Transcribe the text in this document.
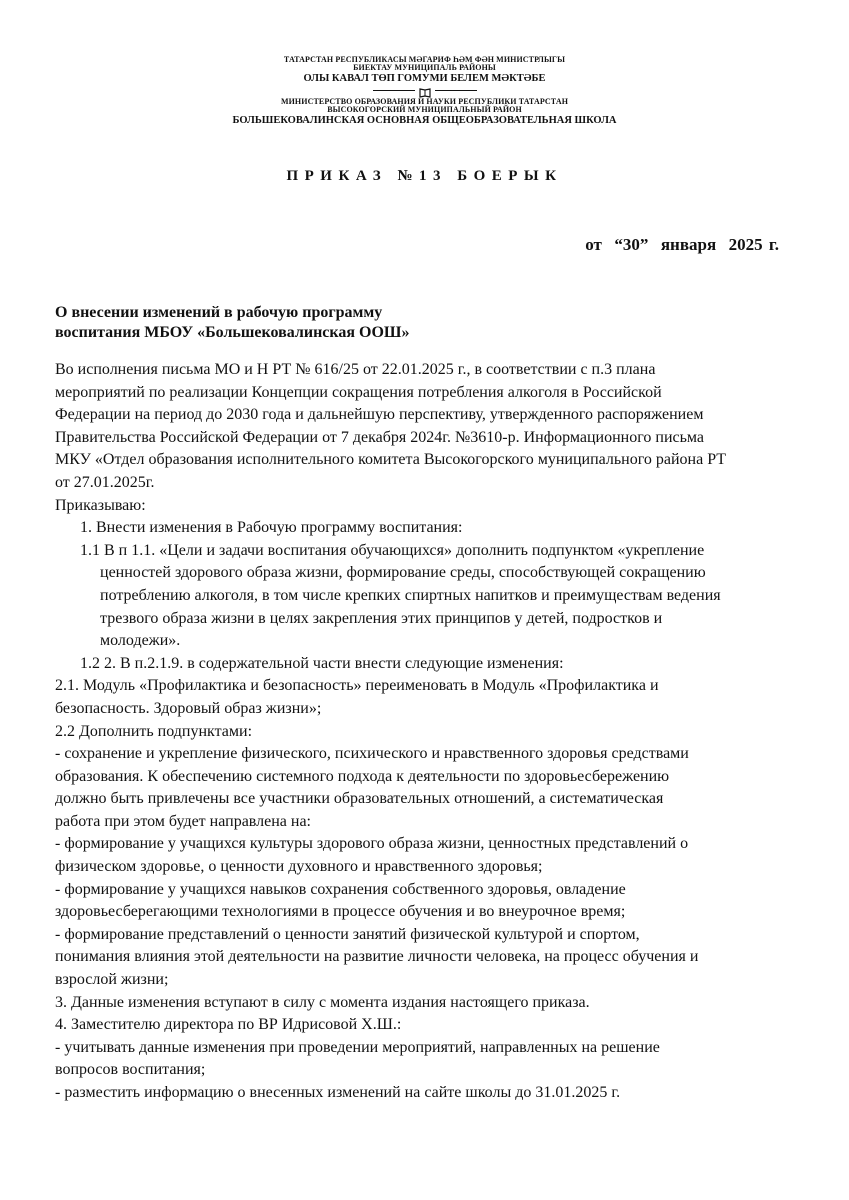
ТАТАРСТАН РЕСПУБЛИКАСЫ МӘГАРИФ ҺӘМ ФӘН МИНИСТРЛЫГЫ
БИЕКТАУ МУНИЦИПАЛЬ РАЙОНЫ
ОЛЫ КАВАЛ ТӨП ГОМУМИ БЕЛЕМ МӘКТӘБЕ
МИНИСТЕРСТВО ОБРАЗОВАНИЯ И НАУКИ РЕСПУБЛИКИ ТАТАРСТАН
ВЫСОКОГОРСКИЙ МУНИЦИПАЛЬНЫЙ РАЙОН
БОЛЬШЕКОВАЛИНСКАЯ ОСНОВНАЯ ОБЩЕОБРАЗОВАТЕЛЬНАЯ ШКОЛА

ПРИКАЗ №13 БОЕРЫК

от  “30”  января  2025 г.

О внесении изменений в рабочую программу
воспитания МБОУ «Большековалинская ООШ»
Во исполнения письма МО и Н РТ № 616/25 от 22.01.2025 г., в соответствии с п.3 плана
мероприятий по реализации Концепции сокращения потребления алкоголя в Российской
Федерации на период до 2030 года и дальнейшую перспективу, утвержденного распоряжением
Правительства Российской Федерации от 7 декабря 2024г. №3610-р. Информационного письма
МКУ «Отдел образования исполнительного комитета Высокогорского муниципального района РТ
от 27.01.2025г.
Приказываю:
1. Внести изменения в Рабочую программу воспитания:
1.1 В п 1.1. «Цели и задачи воспитания обучающихся» дополнить подпунктом «укрепление
ценностей здорового образа жизни, формирование среды, способствующей сокращению
потреблению алкоголя, в том числе крепких спиртных напитков и преимуществам ведения
трезвого образа жизни в целях закрепления этих принципов у детей, подростков и
молодежи».
1.2 2. В п.2.1.9. в содержательной части внести следующие изменения:
2.1. Модуль «Профилактика и безопасность» переименовать в Модуль «Профилактика и
безопасность. Здоровый образ жизни»;
2.2 Дополнить подпунктами:
- сохранение и укрепление физического, психического и нравственного здоровья средствами
образования. К обеспечению системного подхода к деятельности по здоровьесбережению
должно быть привлечены все участники образовательных отношений, а систематическая
работа при этом будет направлена на:
- формирование у учащихся культуры здорового образа жизни, ценностных представлений о
физическом здоровье, о ценности духовного и нравственного здоровья;
- формирование у учащихся навыков сохранения собственного здоровья, овладение
здоровьесберегающими технологиями в процессе обучения и во внеурочное время;
- формирование представлений о ценности занятий физической культурой и спортом,
понимания влияния этой деятельности на развитие личности человека, на процесс обучения и
взрослой жизни;
3. Данные изменения вступают в силу с момента издания настоящего приказа.
4. Заместителю директора по ВР Идрисовой Х.Ш.:
- учитывать данные изменения при проведении мероприятий, направленных на решение
вопросов воспитания;
- разместить информацию о внесенных изменений на сайте школы до 31.01.2025 г.
